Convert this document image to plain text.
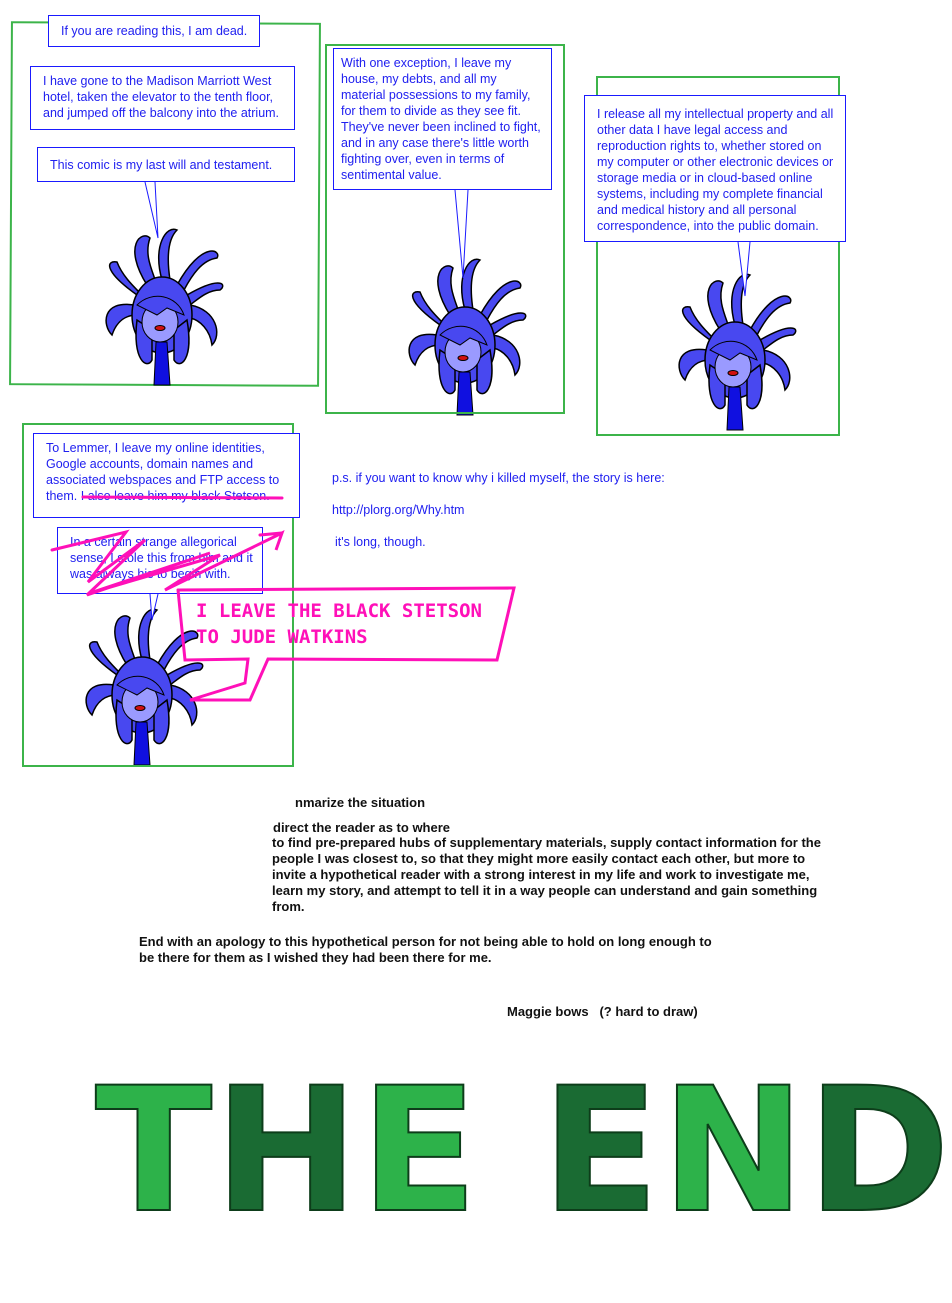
If you are reading this, I am dead.
I have gone to the Madison Marriott West hotel, taken the elevator to the tenth floor, and jumped off the balcony into the atrium.
This comic is my last will and testament.
With one exception, I leave my house, my debts, and all my material possessions to my family, for them to divide as they see fit. They've never been inclined to fight, and in any case there's little worth fighting over, even in terms of sentimental value.
I release all my intellectual property and all other data I have legal access and reproduction rights to, whether stored on my computer or other electronic devices or storage media or in cloud-based online systems, including my complete financial and medical history and all personal correspondence, into the public domain.
To Lemmer, I leave my online identities, Google accounts, domain names and associated webspaces and FTP access to them. I also leave him my black Stetson.
In a certain strange allegorical sense, I stole this from him and it was always his to begin with.
I LEAVE THE BLACK STETSON TO JUDE WATKINS
p.s. if you want to know why i killed myself, the story is here:
http://plorg.org/Why.htm
it's long, though.
nmarize the situation
direct the reader as to where
to find pre-prepared hubs of supplementary materials, supply contact information for the people I was closest to, so that they might more easily contact each other, but more to invite a hypothetical reader with a strong interest in my life and work to investigate me, learn my story, and attempt to tell it in a way people can understand and gain something from.
End with an apology to this hypothetical person for not being able to hold on long enough to be there for them as I wished they had been there for me.
Maggie bows   (? hard to draw)
THE END
